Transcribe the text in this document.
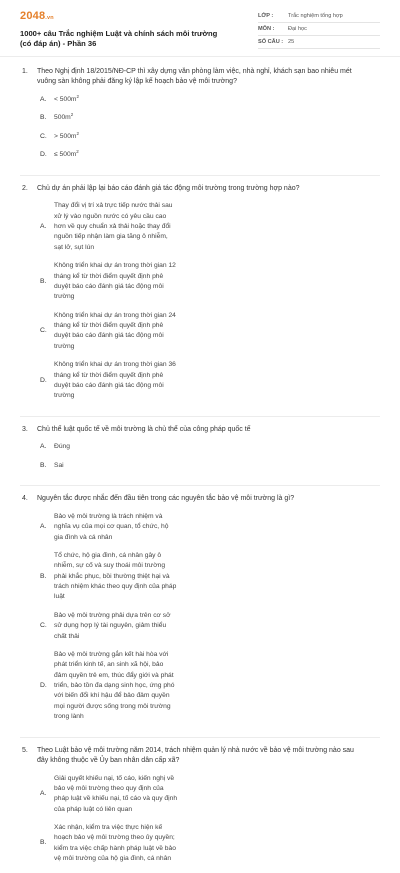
2048.vn
1000+ câu Trắc nghiệm Luật và chính sách môi trường (có đáp án) - Phần 36
LỚP :	Trắc nghiệm tổng hợp
MÔN :	Đại học
SỐ CÂU : 25
1.	Theo Nghị định 18/2015/NĐ-CP thì xây dựng văn phòng làm việc, nhà nghỉ, khách sạn bao nhiêu mét vuông sàn không phải đăng ký lập kế hoạch bảo vệ môi trường?
A.	< $500m^2$
B.	$500m^2$
C.	> $500m^2$
D.	≤ $500m^2$
2.	Chủ dự án phải lập lại báo cáo đánh giá tác động môi trường trong trường hợp nào?
A.
Thay đổi vị trí xả trực tiếp nước thải sau xử lý vào nguồn nước có yêu cầu cao hơn về quy chuẩn xả thải hoặc thay đổi nguồn tiếp nhận làm gia tăng ô nhiễm, sạt lở, sụt lún
B.
Không triển khai dự án trong thời gian 12 tháng kể từ thời điểm quyết định phê duyệt báo cáo đánh giá tác động môi trường
C.
Không triển khai dự án trong thời gian 24 tháng kể từ thời điểm quyết định phê duyệt báo cáo đánh giá tác động môi trường
D.
Không triển khai dự án trong thời gian 36 tháng kể từ thời điểm quyết định phê duyệt báo cáo đánh giá tác động môi trường
3.	Chủ thể luật quốc tế về môi trường là chủ thể của công pháp quốc tế
A.	Đúng
B.	Sai
4.	Nguyên tắc được nhắc đến đầu tiên trong các nguyên tắc bảo vệ môi trường là gì?
A.
Bảo vệ môi trường là trách nhiệm và nghĩa vụ của mọi cơ quan, tổ chức, hộ gia đình và cá nhân
B.
Tổ chức, hộ gia đình, cá nhân gây ô nhiễm, sự cố và suy thoái môi trường phải khắc phục, bồi thường thiệt hại và trách nhiệm khác theo quy định của pháp luật
C.
Bảo vệ môi trường phải dựa trên cơ sở sử dụng hợp lý tài nguyên, giảm thiểu chất thải
D.
Bảo vệ môi trường gắn kết hài hòa với phát triển kinh tế, an sinh xã hội, bảo đảm quyền trẻ em, thúc đẩy giới và phát triển, bảo tồn đa dạng sinh học, ứng phó với biến đổi khí hậu để bảo đảm quyền mọi người được sống trong môi trường trong lành
5.	Theo Luật bảo vệ môi trường năm 2014, trách nhiệm quản lý nhà nước về bảo vệ môi trường nào sau đây không thuộc về Ủy ban nhân dân cấp xã?
A.
Giải quyết khiếu nại, tố cáo, kiến nghị về bảo vệ môi trường theo quy định của pháp luật về khiếu nại, tố cáo và quy định của pháp luật có liên quan
B.
Xác nhận, kiểm tra việc thực hiện kế hoạch bảo vệ môi trường theo ủy quyền; kiểm tra việc chấp hành pháp luật về bảo vệ môi trường của hộ gia đình, cá nhân
